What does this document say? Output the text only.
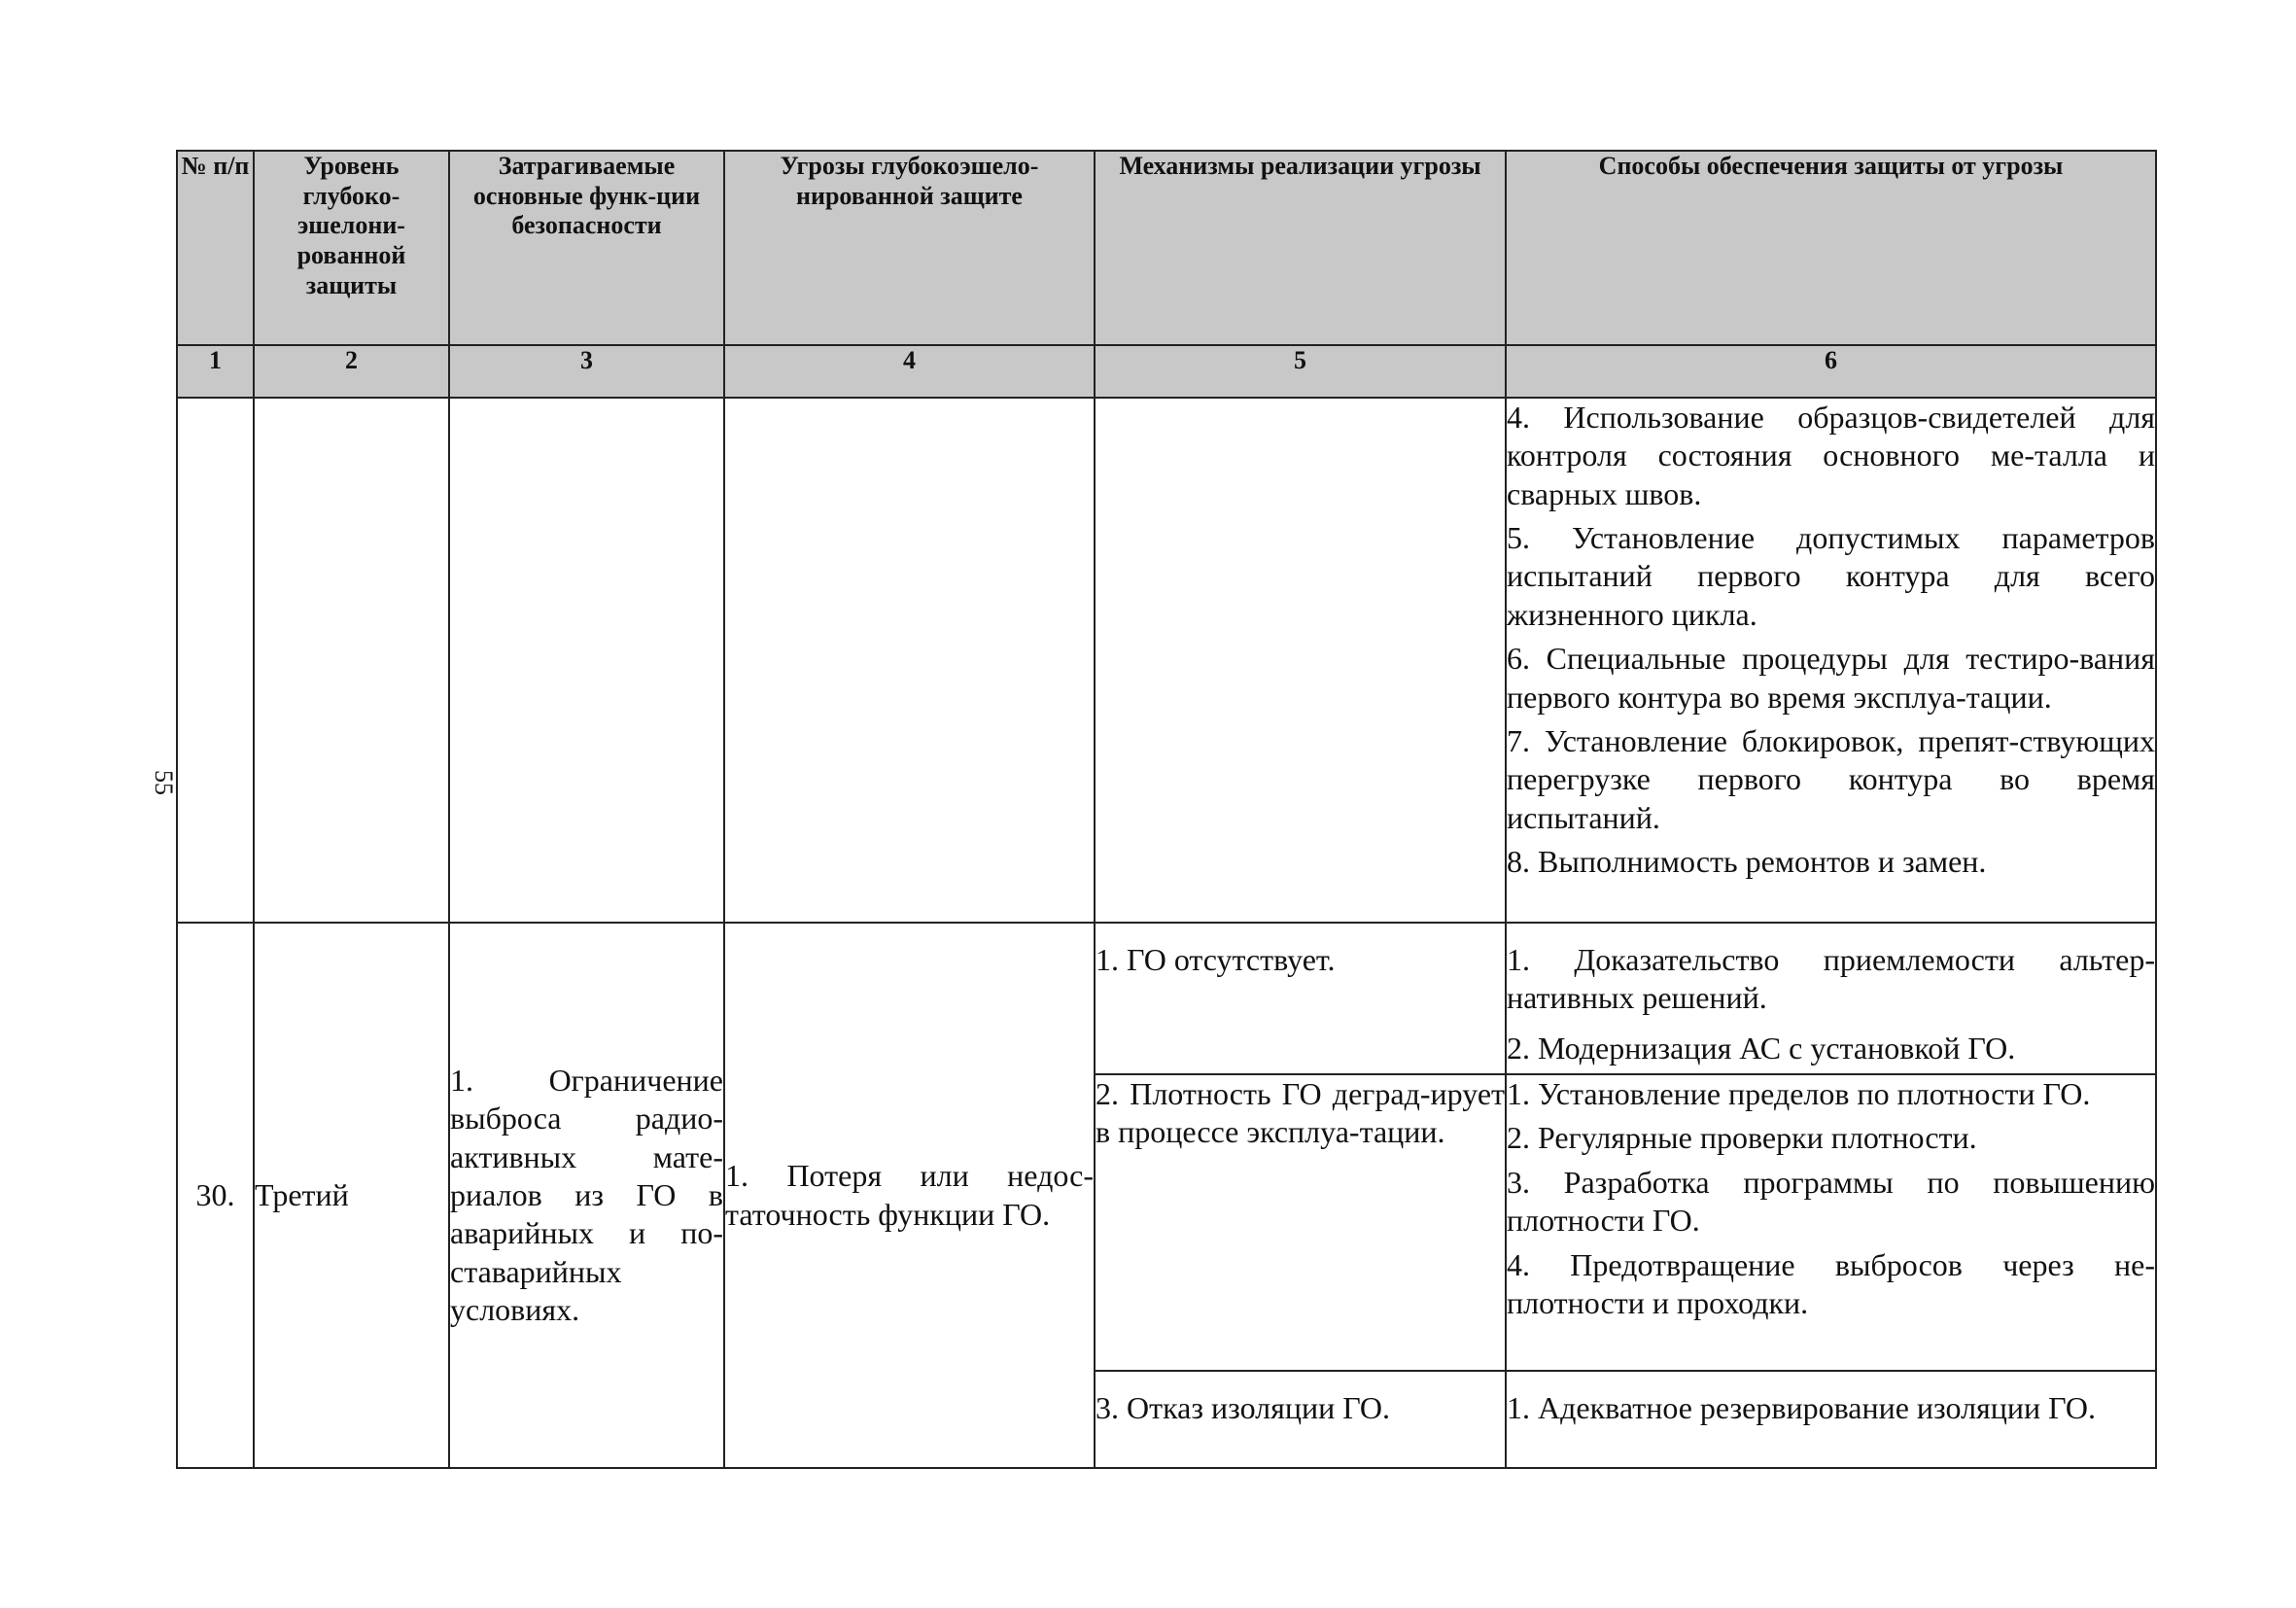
55
№ п/п	Уровень глубоко-эшелони-рованной защиты	Затрагиваемые основные функ-ции безопасности	Угрозы глубокоэшело-нированной защите	Механизмы реализации угрозы	Способы обеспечения защиты от угрозы
1	2	3	4	5	6

					4. Использование образцов-свидетелей для контроля состояния основного ме-талла и сварных швов.

5. Установление допустимых параметров испытаний первого контура для всего жизненного цикла.

6. Специальные процедуры для тестиро-вания первого контура во время эксплуа-тации.

7. Установление блокировок, препят-ствующих перегрузке первого контура во время испытаний.

8. Выполнимость ремонтов и замен.

30.	Третий	1. Ограничение выброса радио-активных мате-риалов из ГО в аварийных и по-ставарийных условиях.	1. Потеря или недос-таточность функции ГО.	1. ГО отсутствует.	1. Доказательство приемлемости альтер-нативных решений.

2. Модернизация АС с установкой ГО.

				2. Плотность ГО деград-ирует в процессе эксплуа-тации.	1. Установление пределов по плотности ГО.

2. Регулярные проверки плотности.

3. Разработка программы по повышению плотности ГО.

4. Предотвращение выбросов через не-плотности и проходки.

				3. Отказ изоляции ГО.	1. Адекватное резервирование изоляции ГО.
